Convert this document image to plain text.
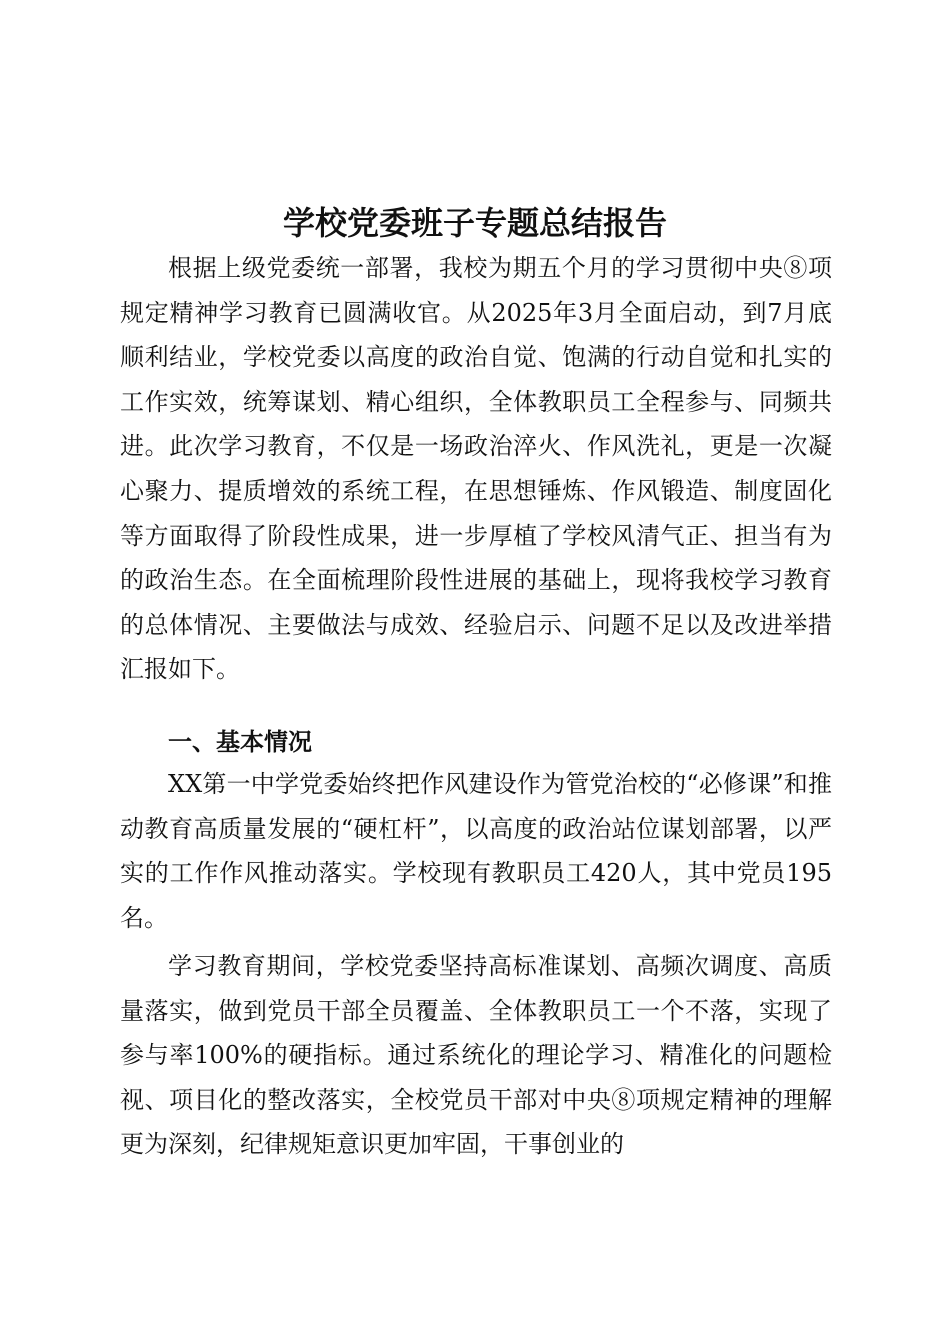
学校党委班子专题总结报告

根据上级党委统一部署，我校为期五个月的学习贯彻中央⑧项规定精神学习教育已圆满收官。从2025年3月全面启动，到7月底顺利结业，学校党委以高度的政治自觉、饱满的行动自觉和扎实的工作实效，统筹谋划、精心组织，全体教职员工全程参与、同频共进。此次学习教育，不仅是一场政治淬火、作风洗礼，更是一次凝心聚力、提质增效的系统工程，在思想锤炼、作风锻造、制度固化等方面取得了阶段性成果，进一步厚植了学校风清气正、担当有为的政治生态。在全面梳理阶段性进展的基础上，现将我校学习教育的总体情况、主要做法与成效、经验启示、问题不足以及改进举措汇报如下。

一、基本情况

XX第一中学党委始终把作风建设作为管党治校的“必修课”和推动教育高质量发展的“硬杠杆”，以高度的政治站位谋划部署，以严实的工作作风推动落实。学校现有教职员工420人，其中党员195名。

学习教育期间，学校党委坚持高标准谋划、高频次调度、高质量落实，做到党员干部全员覆盖、全体教职员工一个不落，实现了参与率100%的硬指标。通过系统化的理论学习、精准化的问题检视、项目化的整改落实，全校党员干部对中央⑧项规定精神的理解更为深刻，纪律规矩意识更加牢固，干事创业的
